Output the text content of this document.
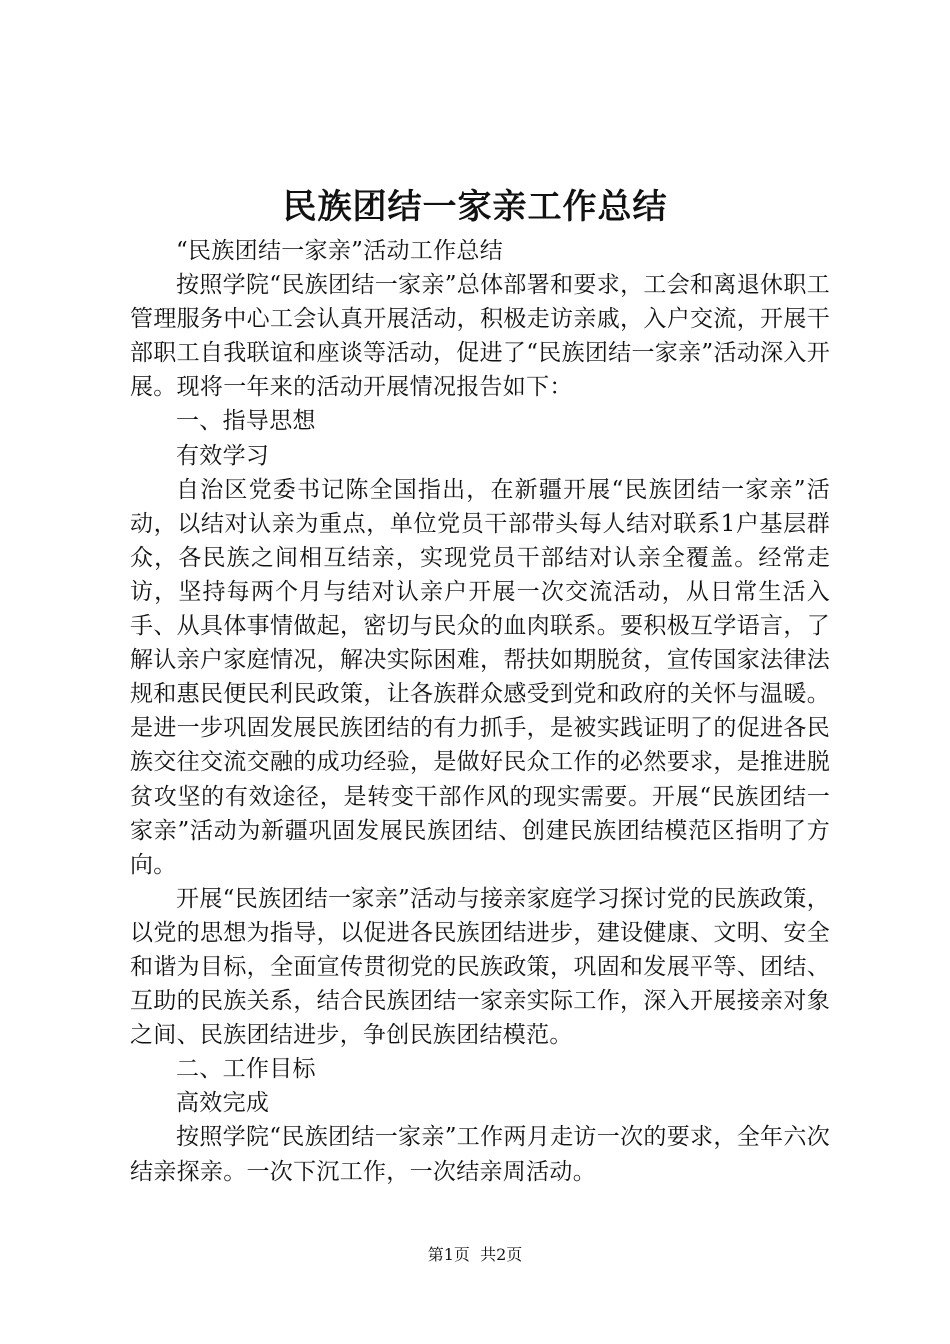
民族团结一家亲工作总结

“民族团结一家亲”活动工作总结

按照学院“民族团结一家亲”总体部署和要求，工会和离退休职工管理服务中心工会认真开展活动，积极走访亲戚，入户交流，开展干部职工自我联谊和座谈等活动，促进了“民族团结一家亲”活动深入开展。现将一年来的活动开展情况报告如下：

一、指导思想

有效学习

自治区党委书记陈全国指出，在新疆开展“民族团结一家亲”活动，以结对认亲为重点，单位党员干部带头每人结对联系1户基层群众，各民族之间相互结亲，实现党员干部结对认亲全覆盖。经常走访，坚持每两个月与结对认亲户开展一次交流活动，从日常生活入手、从具体事情做起，密切与民众的血肉联系。要积极互学语言，了解认亲户家庭情况，解决实际困难，帮扶如期脱贫，宣传国家法律法规和惠民便民利民政策，让各族群众感受到党和政府的关怀与温暖。是进一步巩固发展民族团结的有力抓手，是被实践证明了的促进各民族交往交流交融的成功经验，是做好民众工作的必然要求，是推进脱贫攻坚的有效途径，是转变干部作风的现实需要。开展“民族团结一家亲”活动为新疆巩固发展民族团结、创建民族团结模范区指明了方向。

开展“民族团结一家亲”活动与接亲家庭学习探讨党的民族政策，以党的思想为指导，以促进各民族团结进步，建设健康、文明、安全和谐为目标，全面宣传贯彻党的民族政策，巩固和发展平等、团结、互助的民族关系，结合民族团结一家亲实际工作，深入开展接亲对象之间、民族团结进步，争创民族团结模范。

二、工作目标

高效完成

按照学院“民族团结一家亲”工作两月走访一次的要求，全年六次结亲探亲。一次下沉工作，一次结亲周活动。

第1页 共2页
